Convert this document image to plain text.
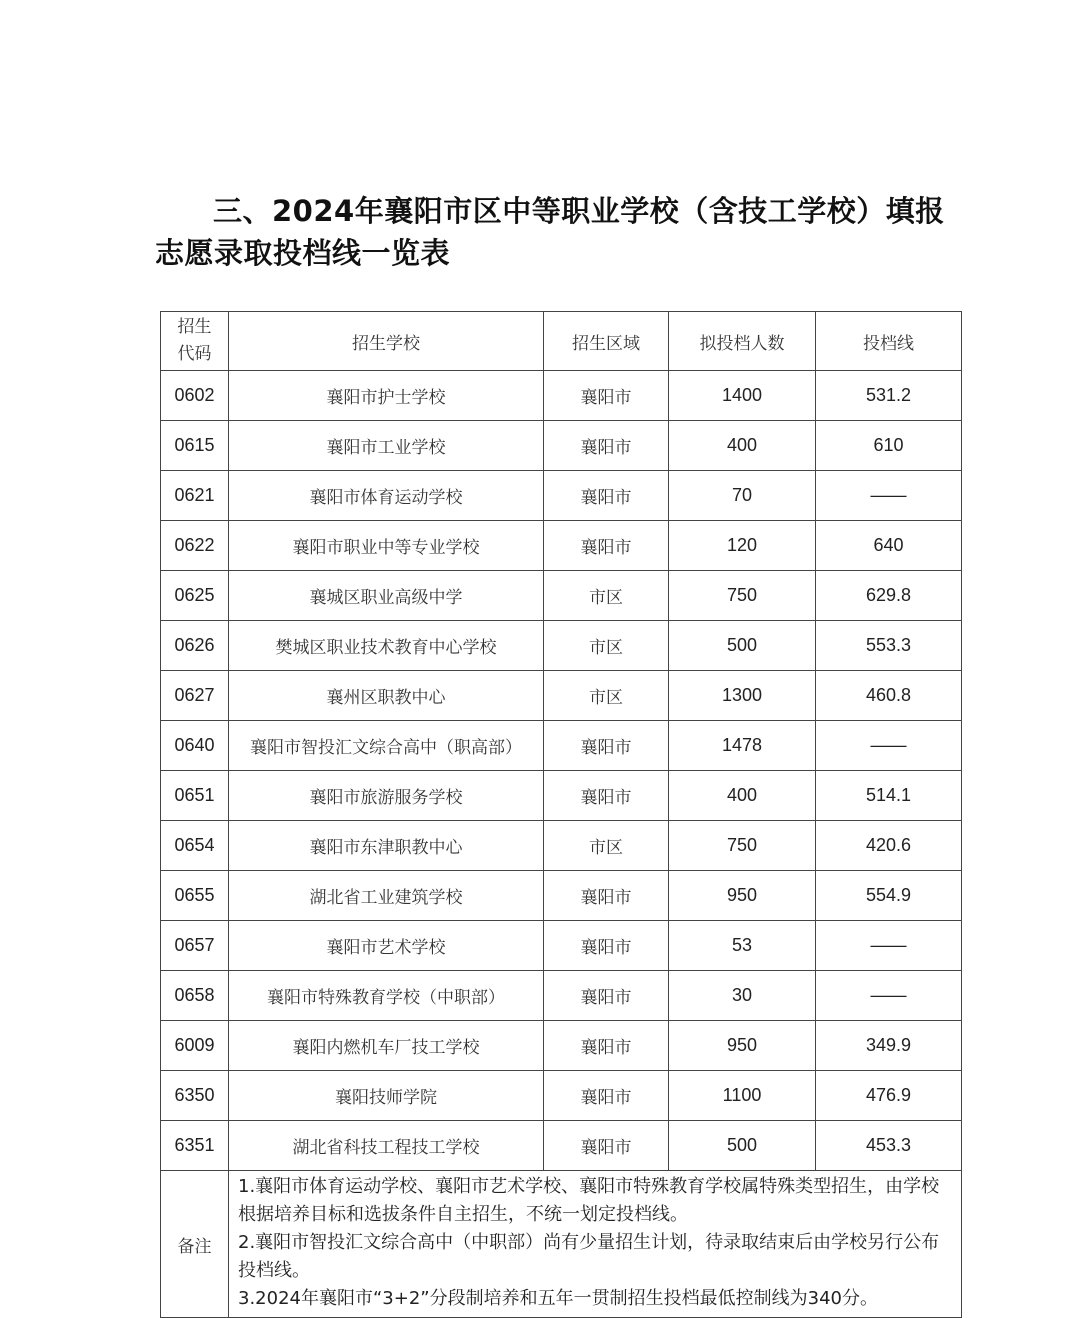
三、2024年襄阳市区中等职业学校（含技工学校）填报志愿录取投档线一览表
招生
代码	招生学校	招生区域	拟投档人数	投档线
0602	襄阳市护士学校	襄阳市	1400	531.2
0615	襄阳市工业学校	襄阳市	400	610
0621	襄阳市体育运动学校	襄阳市	70	——
0622	襄阳市职业中等专业学校	襄阳市	120	640
0625	襄城区职业高级中学	市区	750	629.8
0626	樊城区职业技术教育中心学校	市区	500	553.3
0627	襄州区职教中心	市区	1300	460.8
0640	襄阳市智投汇文综合高中（职高部）	襄阳市	1478	——
0651	襄阳市旅游服务学校	襄阳市	400	514.1
0654	襄阳市东津职教中心	市区	750	420.6
0655	湖北省工业建筑学校	襄阳市	950	554.9
0657	襄阳市艺术学校	襄阳市	53	——
0658	襄阳市特殊教育学校（中职部）	襄阳市	30	——
6009	襄阳内燃机车厂技工学校	襄阳市	950	349.9
6350	襄阳技师学院	襄阳市	1100	476.9
6351	湖北省科技工程技工学校	襄阳市	500	453.3
备注	1.襄阳市体育运动学校、襄阳市艺术学校、襄阳市特殊教育学校属特殊类型招生，由学校根据培养目标和选拔条件自主招生，不统一划定投档线。
2.襄阳市智投汇文综合高中（中职部）尚有少量招生计划，待录取结束后由学校另行公布投档线。
3.2024年襄阳市“3+2”分段制培养和五年一贯制招生投档最低控制线为340分。			
